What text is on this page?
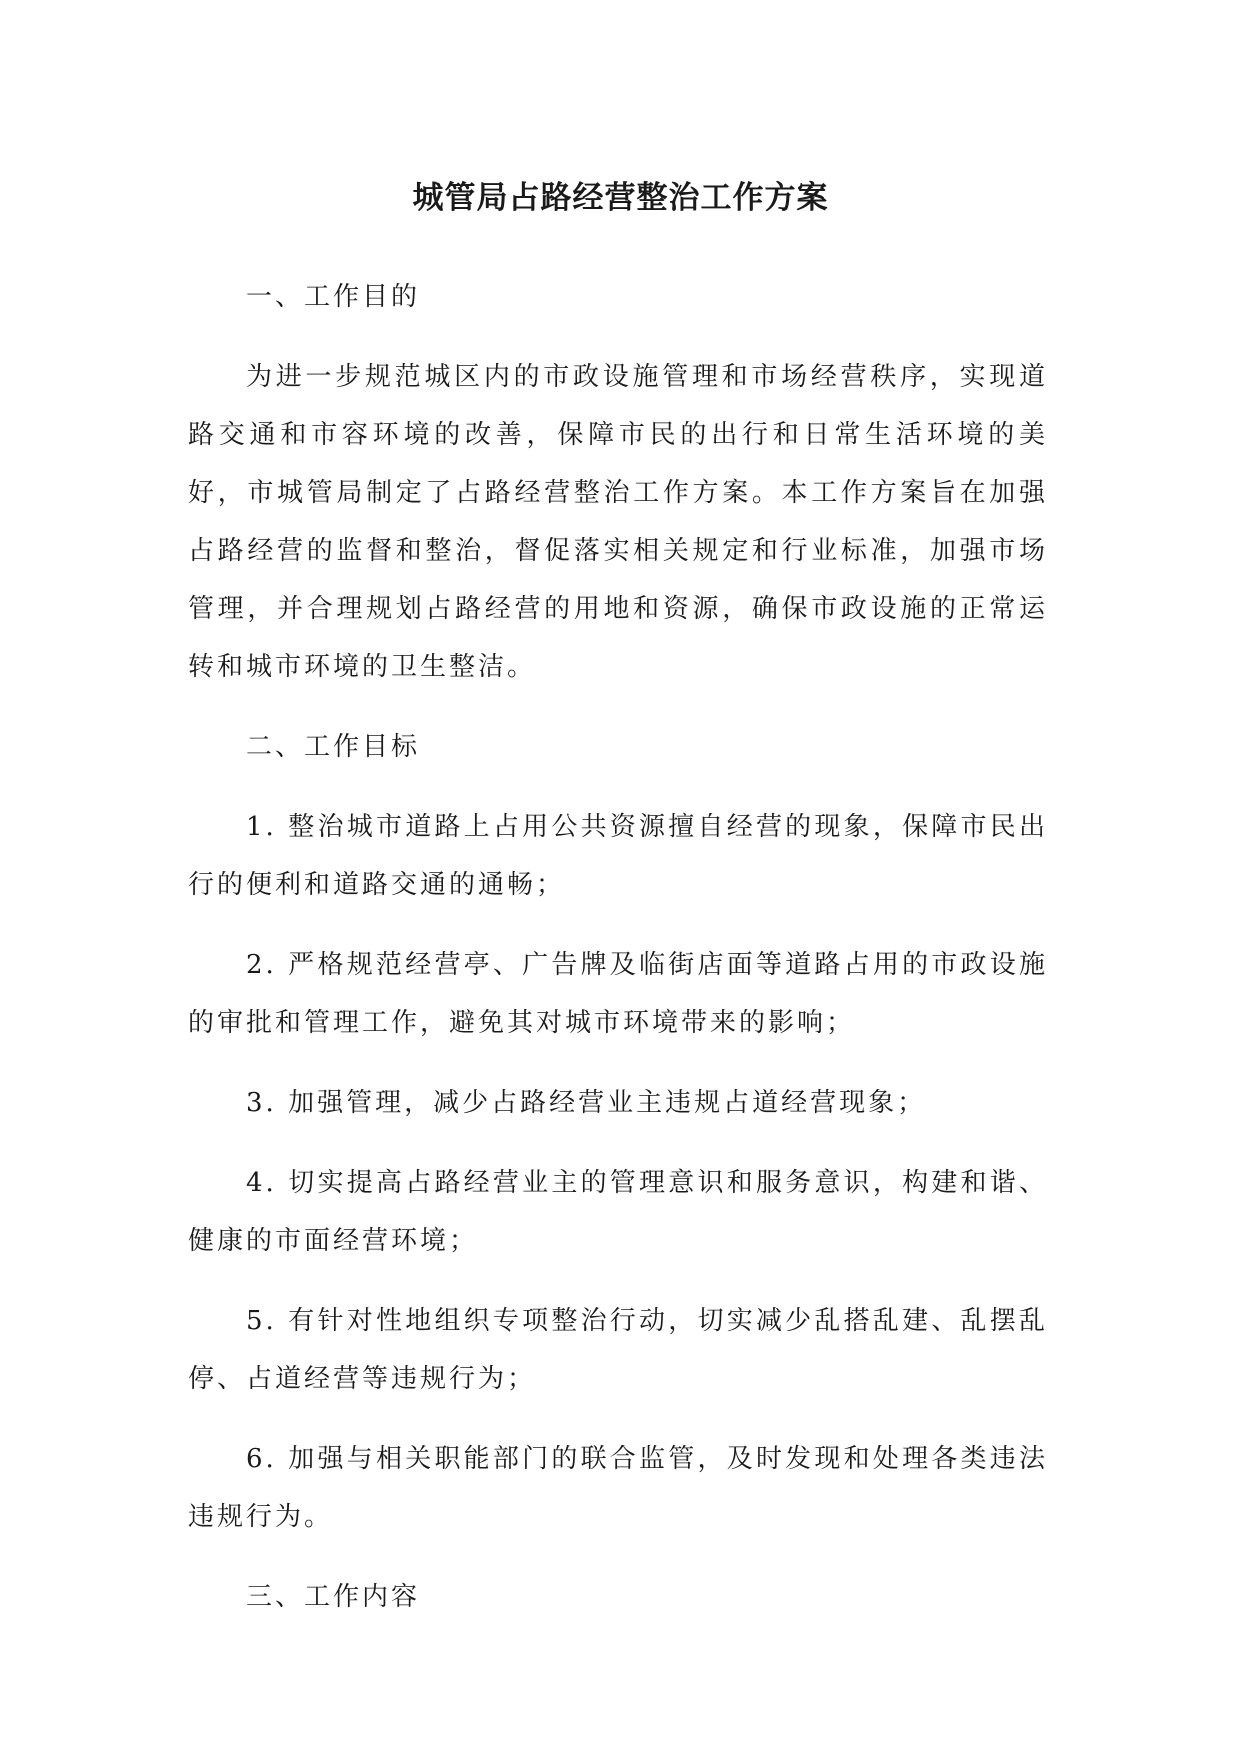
城管局占路经营整治工作方案

一、工作目的

为进一步规范城区内的市政设施管理和市场经营秩序，实现道路交通和市容环境的改善，保障市民的出行和日常生活环境的美好，市城管局制定了占路经营整治工作方案。本工作方案旨在加强占路经营的监督和整治，督促落实相关规定和行业标准，加强市场管理，并合理规划占路经营的用地和资源，确保市政设施的正常运转和城市环境的卫生整洁。

二、工作目标

1. 整治城市道路上占用公共资源擅自经营的现象，保障市民出行的便利和道路交通的通畅；

2. 严格规范经营亭、广告牌及临街店面等道路占用的市政设施的审批和管理工作，避免其对城市环境带来的影响；

3. 加强管理，减少占路经营业主违规占道经营现象；

4. 切实提高占路经营业主的管理意识和服务意识，构建和谐、健康的市面经营环境；

5. 有针对性地组织专项整治行动，切实减少乱搭乱建、乱摆乱停、占道经营等违规行为；

6. 加强与相关职能部门的联合监管，及时发现和处理各类违法违规行为。

三、工作内容
